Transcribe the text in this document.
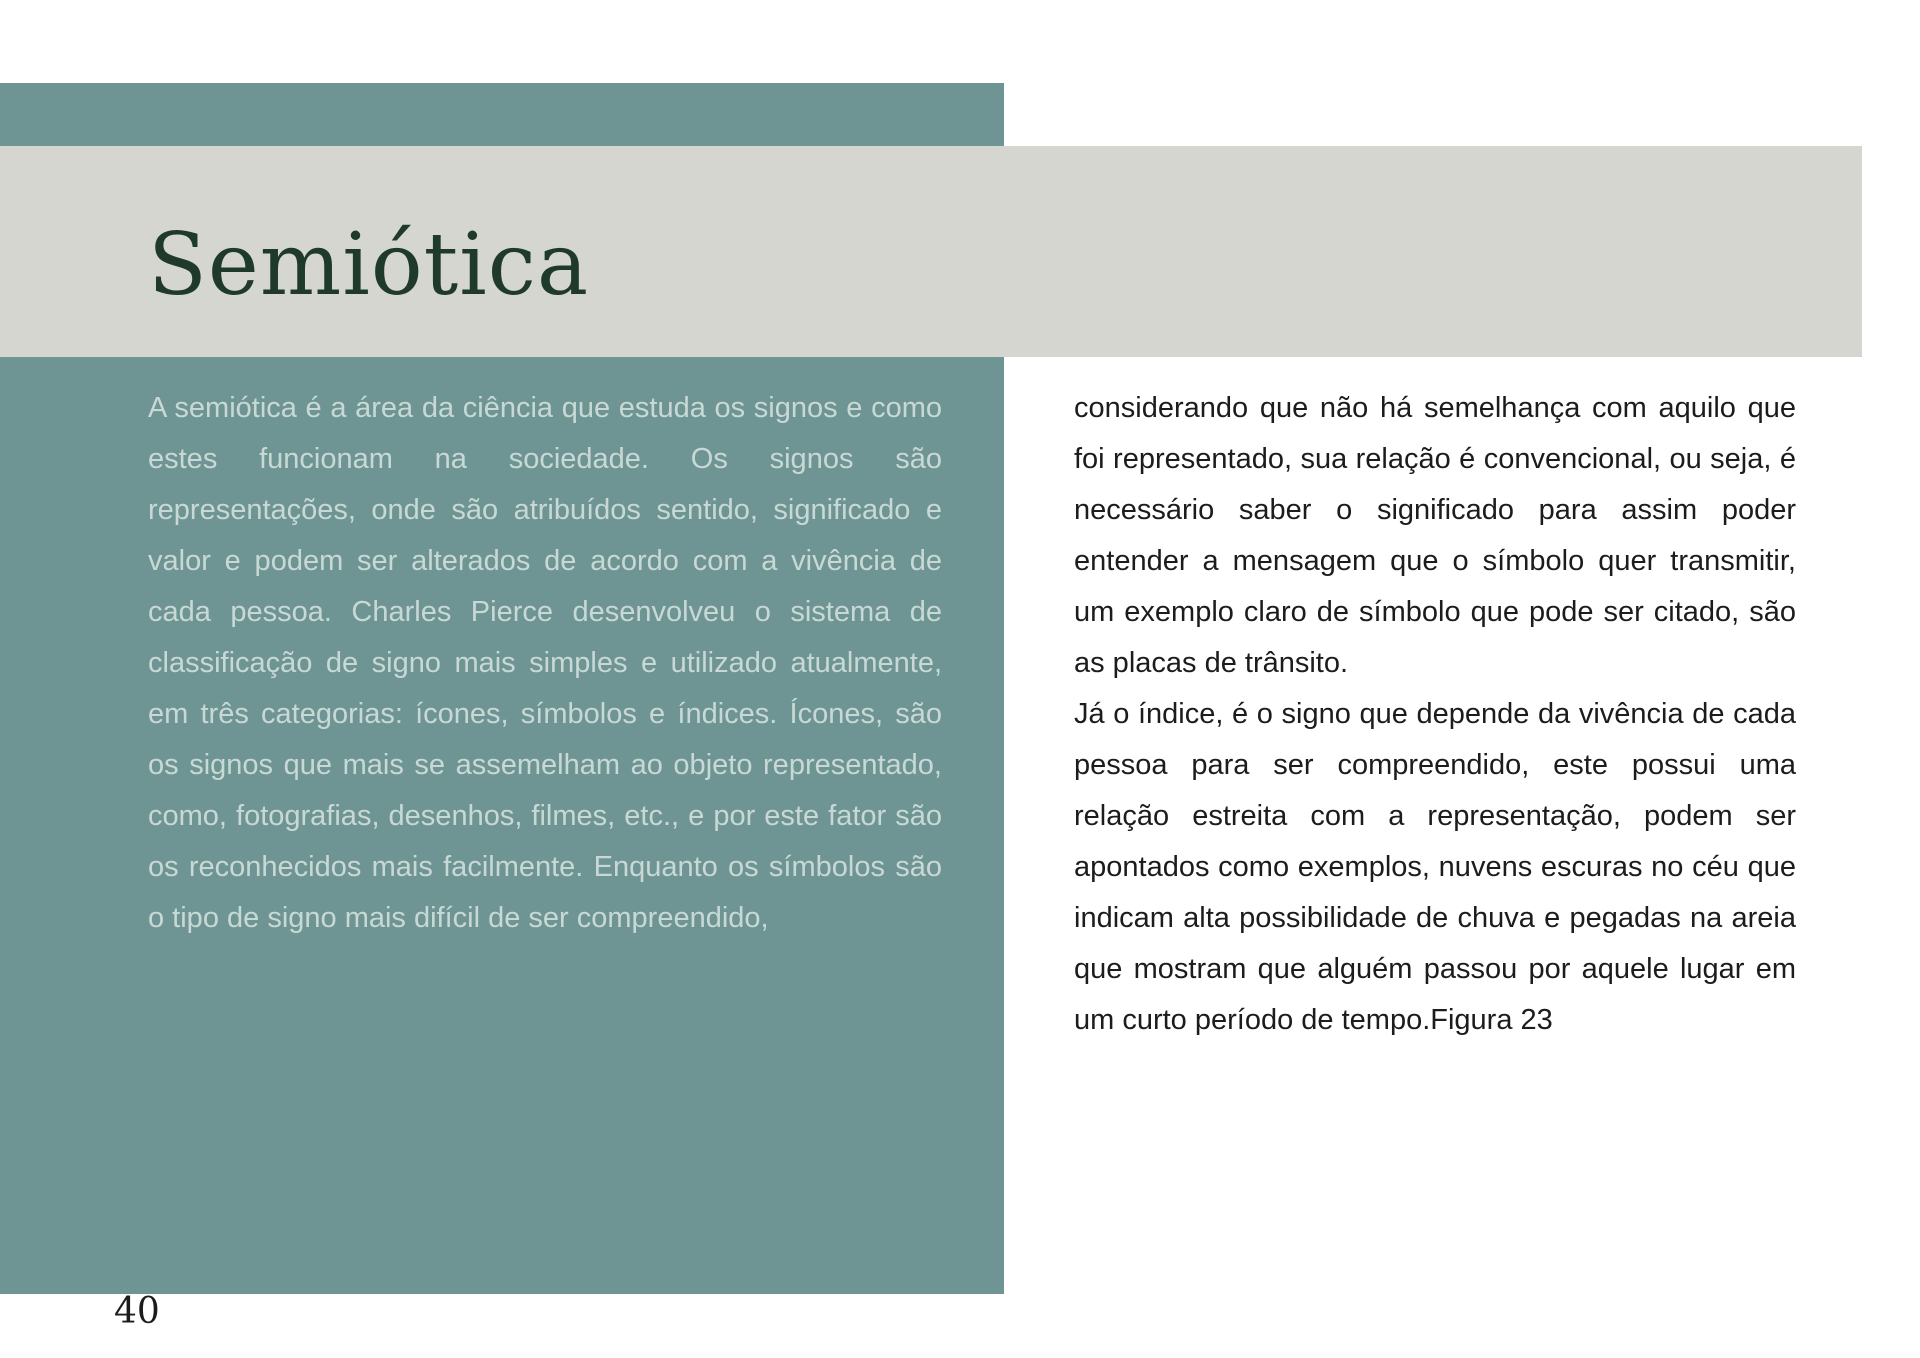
Semiótica

A semiótica é a área da ciência que estuda os signos e como estes funcionam na sociedade. Os signos são representações, onde são atribuídos sentido, significado e valor e podem ser alterados de acordo com a vivência de cada pessoa. Charles Pierce desenvolveu o sistema de classificação de signo mais simples e utilizado atualmente, em três categorias: ícones, símbolos e índices. Ícones, são os signos que mais se assemelham ao objeto representado, como, fotografias, desenhos, filmes, etc., e por este fator são os reconhecidos mais facilmente. Enquanto os símbolos são o tipo de signo mais difícil de ser compreendido,

considerando que não há semelhança com aquilo que foi representado, sua relação é convencional, ou seja, é necessário saber o significado para assim poder entender a mensagem que o símbolo quer transmitir, um exemplo claro de símbolo que pode ser citado, são as placas de trânsito.
Já o índice, é o signo que depende da vivência de cada pessoa para ser compreendido, este possui uma relação estreita com a representação, podem ser apontados como exemplos, nuvens escuras no céu que indicam alta possibilidade de chuva e pegadas na areia que mostram que alguém passou por aquele lugar em um curto período de tempo.Figura 23

40
